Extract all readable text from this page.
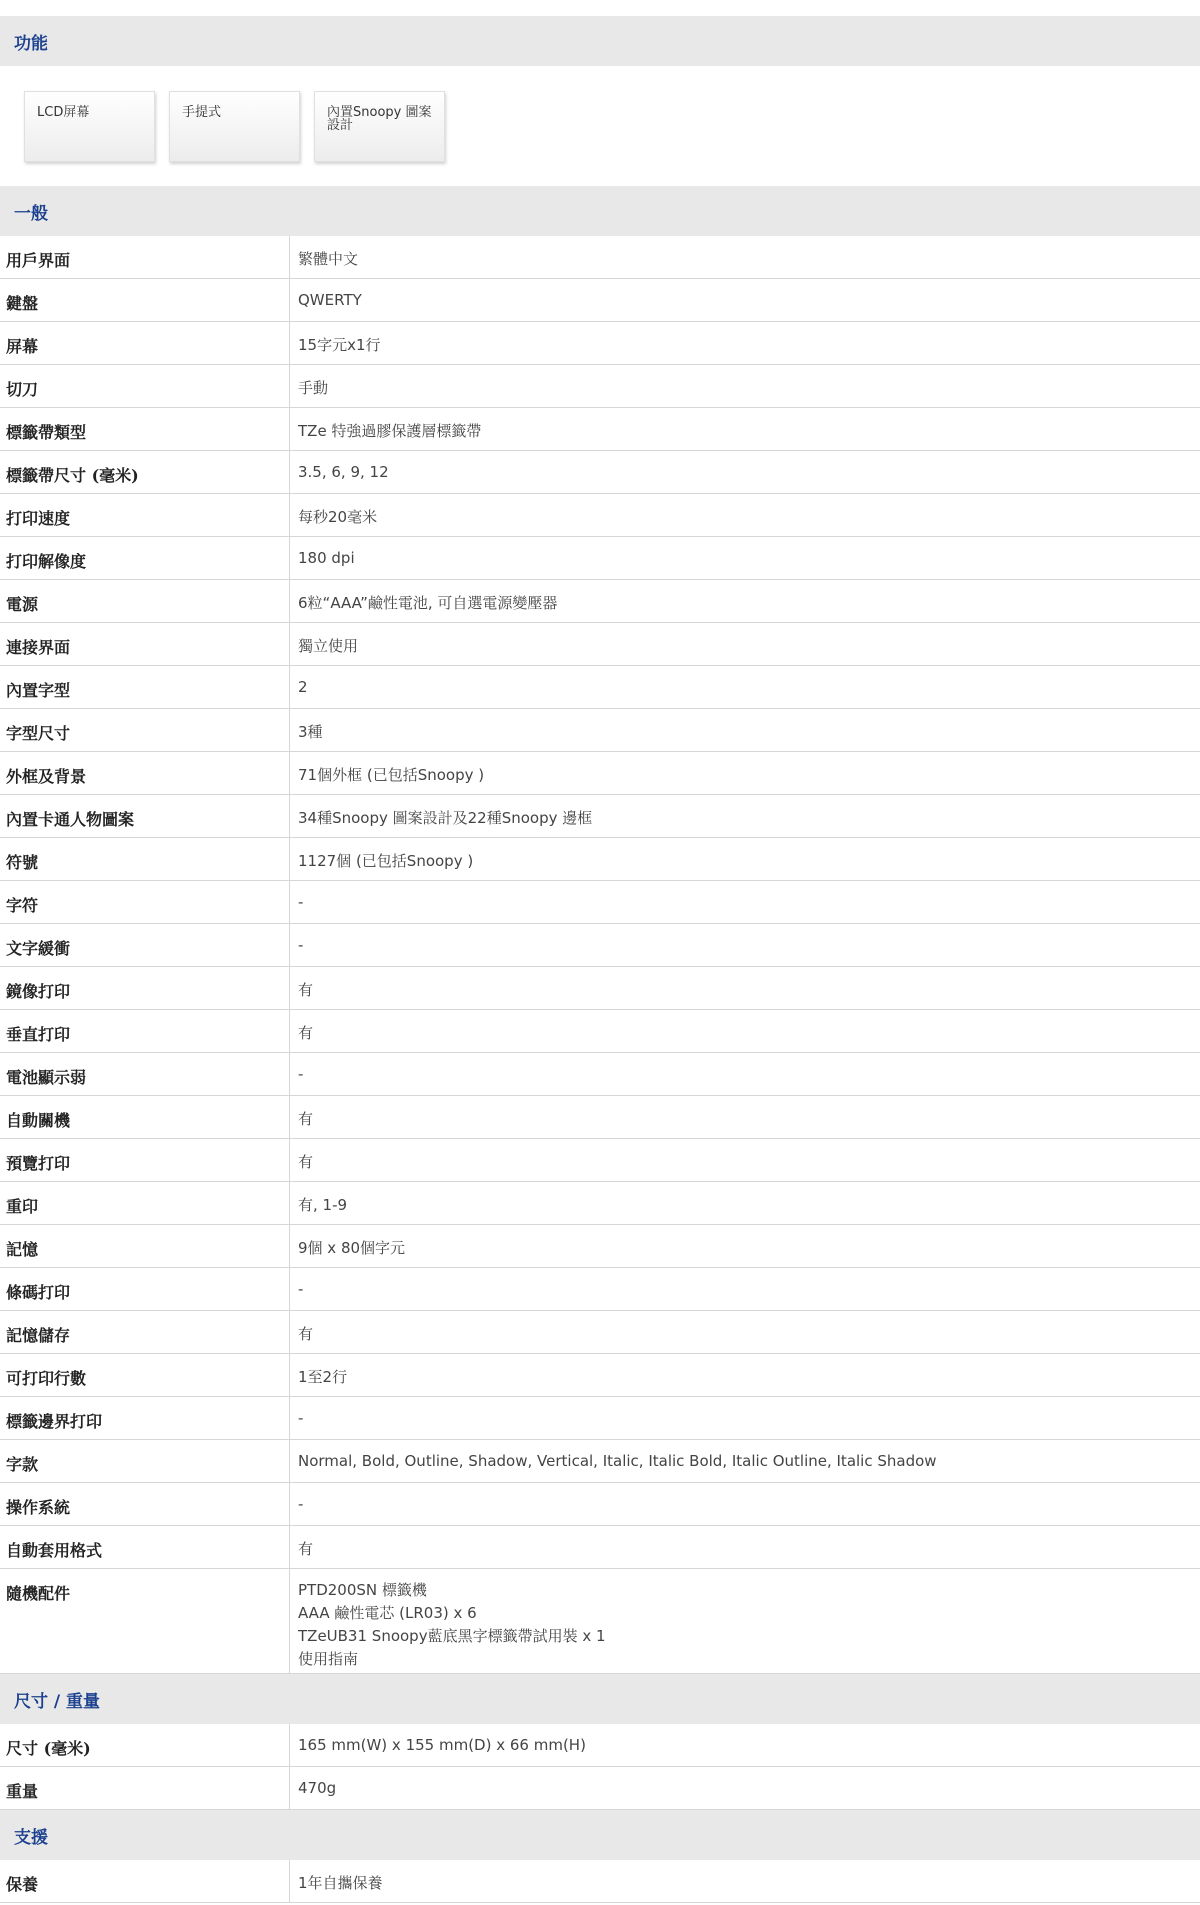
功能
LCD屏幕	手提式	內置Snoopy 圖案設計
一般
用戶界面	繁體中文
鍵盤	QWERTY
屏幕	15字元x1行
切刀	手動
標籤帶類型	TZe 特強過膠保護層標籤帶
標籤帶尺寸 (毫米)	3.5, 6, 9, 12
打印速度	每秒20毫米
打印解像度	180 dpi
電源	6粒“AAA”鹼性電池, 可自選電源變壓器
連接界面	獨立使用
內置字型	2
字型尺寸	3種
外框及背景	71個外框 (已包括Snoopy )
內置卡通人物圖案	34種Snoopy 圖案設計及22種Snoopy 邊框
符號	1127個 (已包括Snoopy )
字符	-
文字緩衝	-
鏡像打印	有
垂直打印	有
電池顯示弱	-
自動關機	有
預覽打印	有
重印	有, 1-9
記憶	9個 x 80個字元
條碼打印	-
記憶儲存	有
可打印行數	1至2行
標籤邊界打印	-
字款	Normal, Bold, Outline, Shadow, Vertical, Italic, Italic Bold, Italic Outline, Italic Shadow
操作系統	-
自動套用格式	有
隨機配件	PTD200SN 標籤機
AAA 鹼性電芯 (LR03) x 6
TZeUB31 Snoopy藍底黑字標籤帶試用裝 x 1
使用指南
尺寸 / 重量
尺寸 (毫米)	165 mm(W) x 155 mm(D) x 66 mm(H)
重量	470g
支援
保養	1年自攜保養
